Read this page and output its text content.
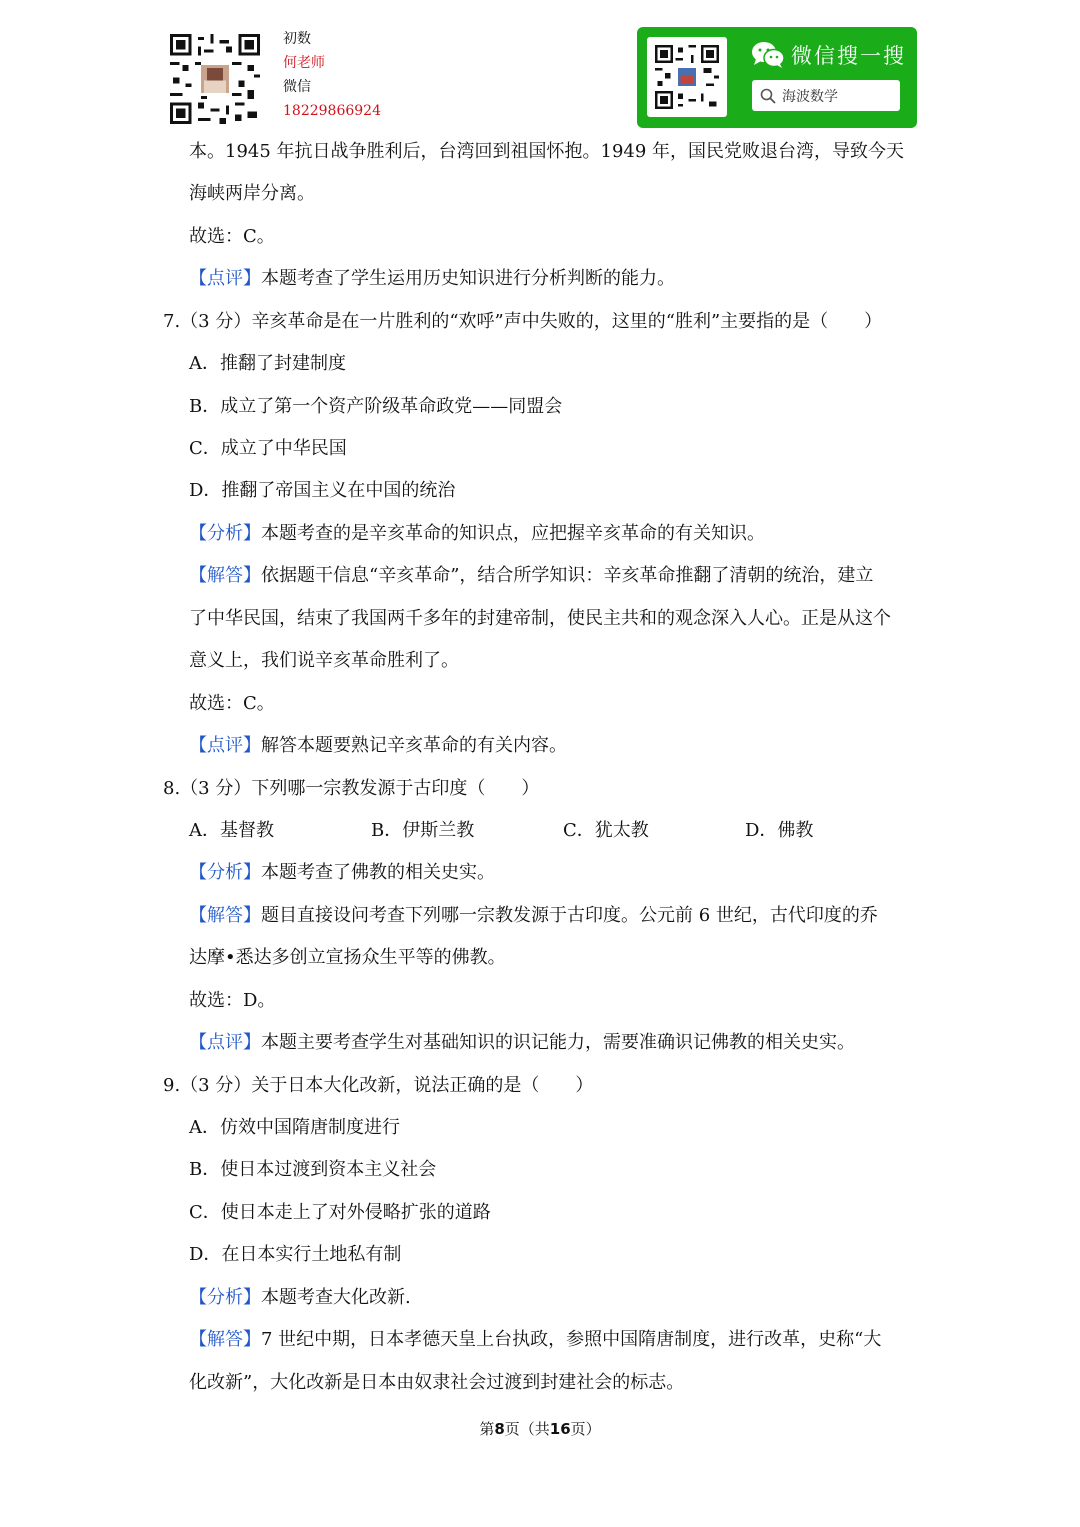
初数
何老师
微信
18229866924
微信搜一搜
海波数学
本。1945 年抗日战争胜利后，台湾回到祖国怀抱。1949 年，国民党败退台湾，导致今天
海峡两岸分离。
故选：C。
【点评】本题考查了学生运用历史知识进行分析判断的能力。
7.（3 分）辛亥革命是在一片胜利的“欢呼”声中失败的，这里的“胜利”主要指的是（　　）
A．推翻了封建制度
B．成立了第一个资产阶级革命政党——同盟会
C．成立了中华民国
D．推翻了帝国主义在中国的统治
【分析】本题考查的是辛亥革命的知识点，应把握辛亥革命的有关知识。
【解答】依据题干信息“辛亥革命”，结合所学知识：辛亥革命推翻了清朝的统治，建立
了中华民国，结束了我国两千多年的封建帝制，使民主共和的观念深入人心。正是从这个
意义上，我们说辛亥革命胜利了。
故选：C。
【点评】解答本题要熟记辛亥革命的有关内容。
8.（3 分）下列哪一宗教发源于古印度（　　）
A．基督教	B．伊斯兰教	C．犹太教	D．佛教
【分析】本题考查了佛教的相关史实。
【解答】题目直接设问考查下列哪一宗教发源于古印度。公元前 6 世纪，古代印度的乔
达摩•悉达多创立宣扬众生平等的佛教。
故选：D。
【点评】本题主要考查学生对基础知识的识记能力，需要准确识记佛教的相关史实。
9.（3 分）关于日本大化改新，说法正确的是（　　）
A．仿效中国隋唐制度进行
B．使日本过渡到资本主义社会
C．使日本走上了对外侵略扩张的道路
D．在日本实行土地私有制
【分析】本题考查大化改新.
【解答】7 世纪中期，日本孝德天皇上台执政，参照中国隋唐制度，进行改革，史称“大
化改新”，大化改新是日本由奴隶社会过渡到封建社会的标志。
第8页（共16页）
